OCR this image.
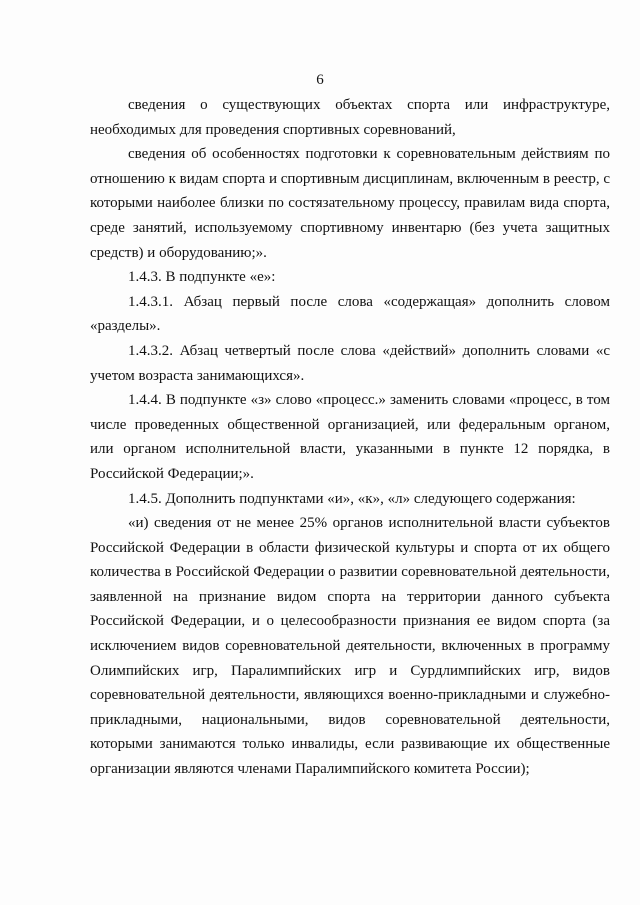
6

сведения о существующих объектах спорта или инфраструктуре, необходимых для проведения спортивных соревнований,

сведения об особенностях подготовки к соревновательным действиям по отношению к видам спорта и спортивным дисциплинам, включенным в реестр, с которыми наиболее близки по состязательному процессу, правилам вида спорта, среде занятий, используемому спортивному инвентарю (без учета защитных средств) и оборудованию;».

1.4.3. В подпункте «е»:

1.4.3.1. Абзац первый после слова «содержащая» дополнить словом «разделы».

1.4.3.2. Абзац четвертый после слова «действий» дополнить словами «с учетом возраста занимающихся».

1.4.4. В подпункте «з» слово «процесс.» заменить словами «процесс, в том числе проведенных общественной организацией, или федеральным органом, или органом исполнительной власти, указанными в пункте 12 порядка, в Российской Федерации;».

1.4.5. Дополнить подпунктами «и», «к», «л» следующего содержания:

«и) сведения от не менее 25% органов исполнительной власти субъектов Российской Федерации в области физической культуры и спорта от их общего количества в Российской Федерации о развитии соревновательной деятельности, заявленной на признание видом спорта на территории данного субъекта Российской Федерации, и о целесообразности признания ее видом спорта (за исключением видов соревновательной деятельности, включенных в программу Олимпийских игр, Паралимпийских игр и Сурдлимпийских игр, видов соревновательной деятельности, являющихся военно-прикладными и служебно-прикладными, национальными, видов соревновательной деятельности, которыми занимаются только инвалиды, если развивающие их общественные организации являются членами Паралимпийского комитета России);
